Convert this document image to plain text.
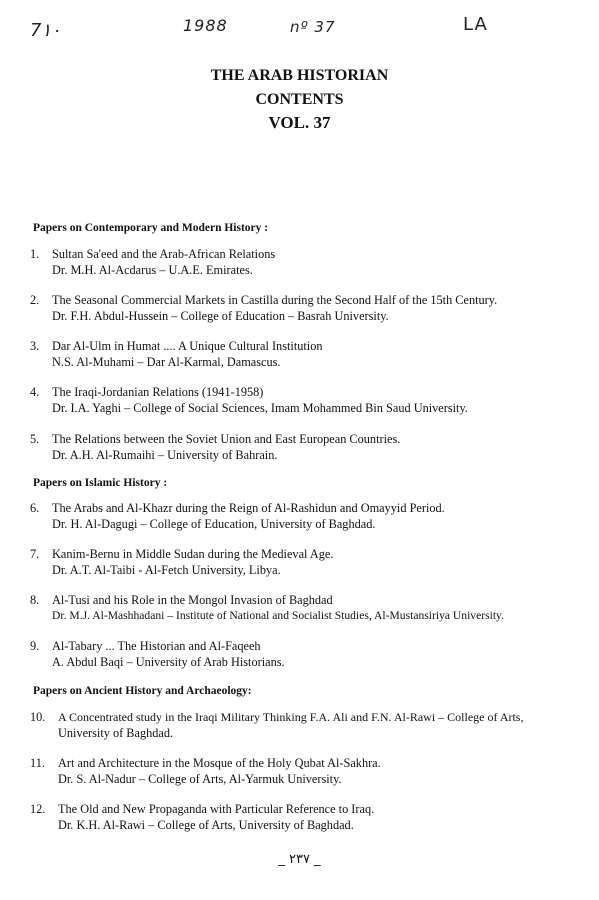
7١٠	1988	nº 37	LA
THE ARAB HISTORIAN
CONTENTS
VOL. 37
Papers on Contemporary and Modern History :
1. Sultan Sa'eed and the Arab-African Relations
Dr. M.H. Al-Acdarus – U.A.E. Emirates.
2. The Seasonal Commercial Markets in Castilla during the Second Half of the 15th Century.
Dr. F.H. Abdul-Hussein – College of Education – Basrah University.
3. Dar Al-Ulm in Humat .... A Unique Cultural Institution
N.S. Al-Muhami – Dar Al-Karmal, Damascus.
4. The Iraqi-Jordanian Relations (1941-1958)
Dr. I.A. Yaghi – College of Social Sciences, Imam Mohammed Bin Saud University.
5. The Relations between the Soviet Union and East European Countries.
Dr. A.H. Al-Rumaihi – University of Bahrain.
Papers on Islamic History :
6. The Arabs and Al-Khazr during the Reign of Al-Rashidun and Omayyid Period.
Dr. H. Al-Dagugi – College of Education, University of Baghdad.
7. Kanim-Bernu in Middle Sudan during the Medieval Age.
Dr. A.T. Al-Taibi - Al-Fetch University, Libya.
8. Al-Tusi and his Role in the Mongol Invasion of Baghdad
Dr. M.J. Al-Mashhadani – Institute of National and Socialist Studies, Al-Mustansiriya University.
9. Al-Tabary ... The Historian and Al-Faqeeh
A. Abdul Baqi – University of Arab Historians.
Papers on Ancient History and Archaeology:
10. A Concentrated study in the Iraqi Military Thinking F.A. Ali and F.N. Al-Rawi – College of Arts,
University of Baghdad.
11. Art and Architecture in the Mosque of the Holy Qubat Al-Sakhra.
Dr. S. Al-Nadur – College of Arts, Al-Yarmuk University.
12. The Old and New Propaganda with Particular Reference to Iraq.
Dr. K.H. Al-Rawi – College of Arts, University of Baghdad.
_ ٢٣٧ _
